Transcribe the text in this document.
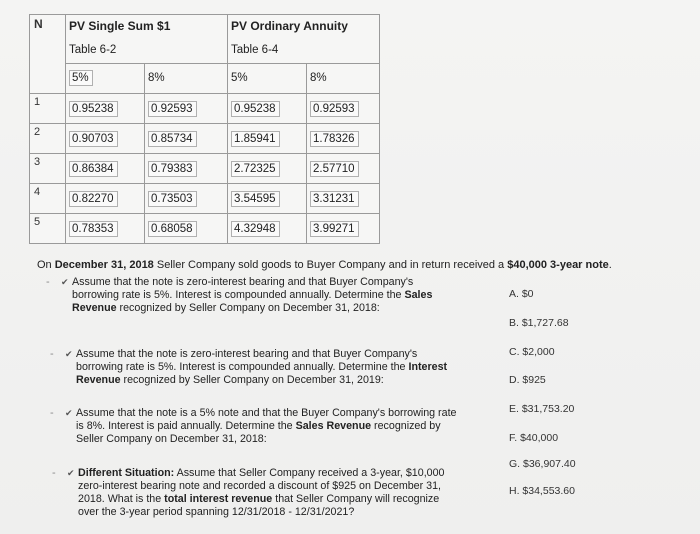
N	PV Single Sum $1		PV Ordinary Annuity	
	Table 6-2		Table 6-4	
	5%	8%	5%	8%
1	0.95238	0.92593	0.95238	0.92593
2	0.90703	0.85734	1.85941	1.78326
3	0.86384	0.79383	2.72325	2.57710
4	0.82270	0.73503	3.54595	3.31231
5	0.78353	0.68058	4.32948	3.99271
On December 31, 2018 Seller Company sold goods to Buyer Company and in return received a $40,000 3-year note.
- ✔ Assume that the note is zero-interest bearing and that Buyer Company's
borrowing rate is 5%. Interest is compounded annually. Determine the Sales
Revenue recognized by Seller Company on December 31, 2018:
- ✔ Assume that the note is zero-interest bearing and that Buyer Company's
borrowing rate is 5%. Interest is compounded annually. Determine the Interest
Revenue recognized by Seller Company on December 31, 2019:
- ✔ Assume that the note is a 5% note and that the Buyer Company's borrowing rate
is 8%. Interest is paid annually. Determine the Sales Revenue recognized by
Seller Company on December 31, 2018:
- ✔ Different Situation: Assume that Seller Company received a 3-year, $10,000
zero-interest bearing note and recorded a discount of $925 on December 31,
2018. What is the total interest revenue that Seller Company will recognize
over the 3-year period spanning 12/31/2018 - 12/31/2021?
A. $0
B. $1,727.68
C. $2,000
D. $925
E. $31,753.20
F. $40,000
G. $36,907.40
H. $34,553.60
